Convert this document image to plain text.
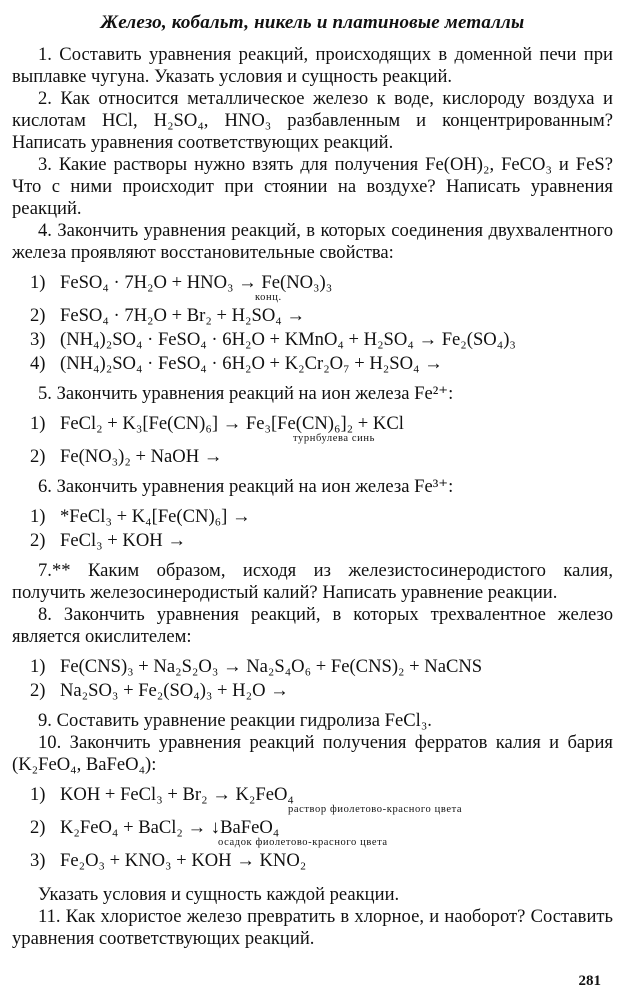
Железо, кобальт, никель и платиновые металлы

1. Составить уравнения реакций, происходящих в доменной печи при выплавке чугуна. Указать условия и сущность реакций.

2. Как относится металлическое железо к воде, кислороду воздуха и кислотам HCl, H₂SO₄, HNO₃ разбавленным и концентрированным? Написать уравнения соответствующих реакций.

3. Какие растворы нужно взять для получения Fe(OH)₂, FeCO₃ и FeS? Что с ними происходит при стоянии на воздухе? Написать уравнения реакций.

4. Закончить уравнения реакций, в которых соединения двухвалентного железа проявляют восстановительные свойства:

1) FeSO₄ · 7H₂O + HNO₃ → Fe(NO₃)₃
конц.
2) FeSO₄ · 7H₂O + Br₂ + H₂SO₄ →
3) (NH₄)₂SO₄ · FeSO₄ · 6H₂O + KMnO₄ + H₂SO₄ → Fe₂(SO₄)₃
4) (NH₄)₂SO₄ · FeSO₄ · 6H₂O + K₂Cr₂O₇ + H₂SO₄ →

5. Закончить уравнения реакций на ион железа Fe²⁺:

1) FeCl₂ + K₃[Fe(CN)₆] → Fe₃[Fe(CN)₆]₂ + KCl
турнбулева синь
2) Fe(NO₃)₂ + NaOH →

6. Закончить уравнения реакций на ион железа Fe³⁺:

1) *FeCl₃ + K₄[Fe(CN)₆] →
2) FeCl₃ + KOH →

7.** Каким образом, исходя из железистосинеродистого калия, получить железосинеродистый калий? Написать уравнение реакции.

8. Закончить уравнения реакций, в которых трехвалентное железо является окислителем:

1) Fe(CNS)₃ + Na₂S₂O₃ → Na₂S₄O₆ + Fe(CNS)₂ + NaCNS
2) Na₂SO₃ + Fe₂(SO₄)₃ + H₂O →

9. Составить уравнение реакции гидролиза FeCl₃.

10. Закончить уравнения реакций получения ферратов калия и бария (K₂FeO₄, BaFeO₄):

1) KOH + FeCl₃ + Br₂ → K₂FeO₄
раствор фиолетово-красного цвета
2) K₂FeO₄ + BaCl₂ → ↓BaFeO₄
осадок фиолетово-красного цвета
3) Fe₂O₃ + KNO₃ + KOH → KNO₂

Указать условия и сущность каждой реакции.

11. Как хлористое железо превратить в хлорное, и наоборот? Составить уравнения соответствующих реакций.

281
